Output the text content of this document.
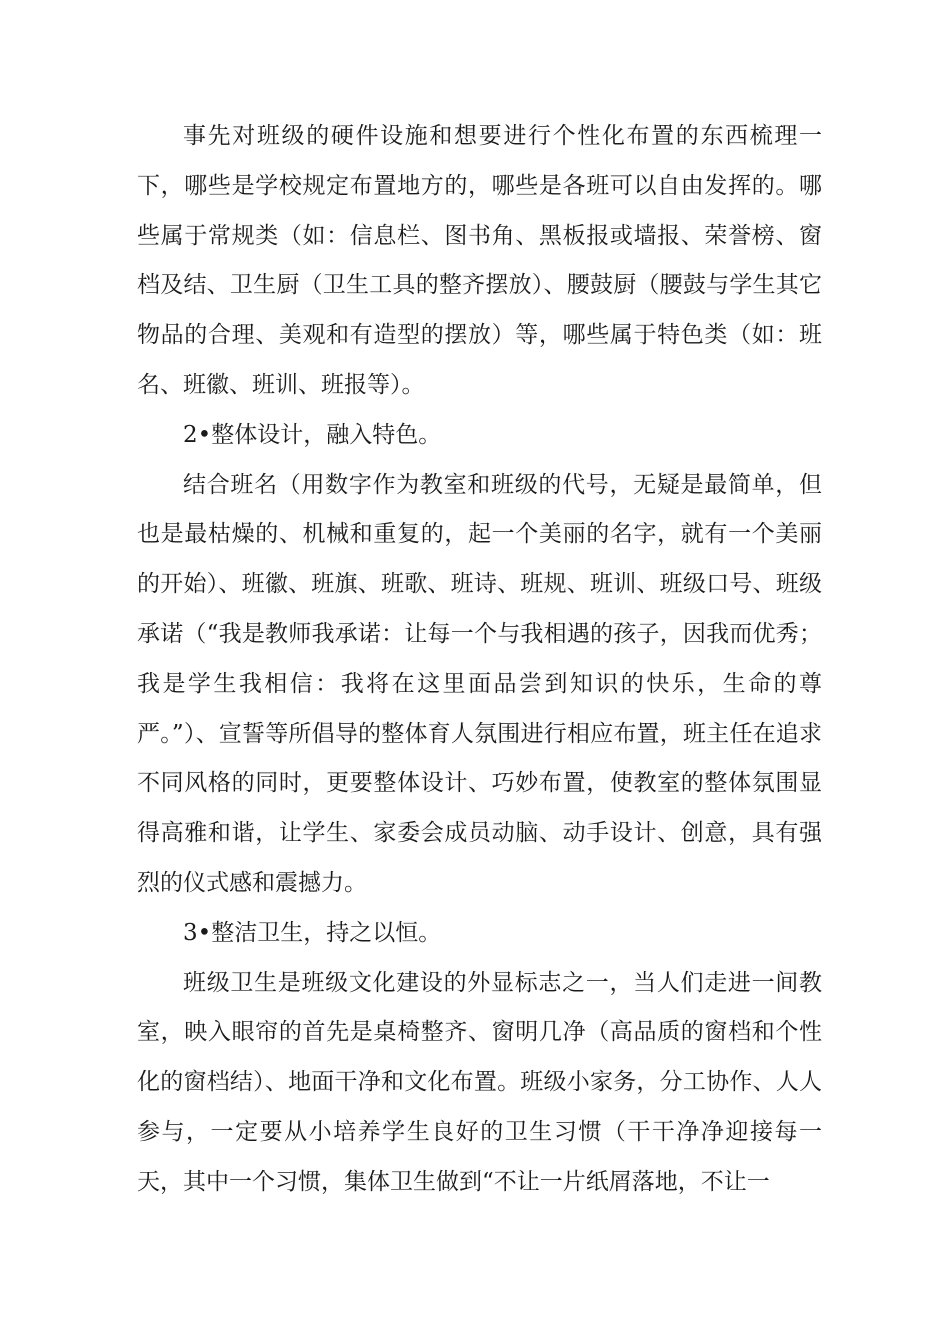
事先对班级的硬件设施和想要进行个性化布置的东西梳理一下，哪些是学校规定布置地方的，哪些是各班可以自由发挥的。哪些属于常规类（如：信息栏、图书角、黑板报或墙报、荣誉榜、窗档及结、卫生厨（卫生工具的整齐摆放）、腰鼓厨（腰鼓与学生其它物品的合理、美观和有造型的摆放）等，哪些属于特色类（如：班名、班徽、班训、班报等）。

2•整体设计，融入特色。

结合班名（用数字作为教室和班级的代号，无疑是最简单，但也是最枯燥的、机械和重复的，起一个美丽的名字，就有一个美丽的开始）、班徽、班旗、班歌、班诗、班规、班训、班级口号、班级承诺（“我是教师我承诺：让每一个与我相遇的孩子，因我而优秀；我是学生我相信：我将在这里面品尝到知识的快乐，生命的尊严。”）、宣誓等所倡导的整体育人氛围进行相应布置，班主任在追求不同风格的同时，更要整体设计、巧妙布置，使教室的整体氛围显得高雅和谐，让学生、家委会成员动脑、动手设计、创意，具有强烈的仪式感和震撼力。

3•整洁卫生，持之以恒。

班级卫生是班级文化建设的外显标志之一，当人们走进一间教室，映入眼帘的首先是桌椅整齐、窗明几净（高品质的窗档和个性化的窗档结）、地面干净和文化布置。班级小家务，分工协作、人人参与，一定要从小培养学生良好的卫生习惯（干干净净迎接每一天，其中一个习惯，集体卫生做到“不让一片纸屑落地，不让一
